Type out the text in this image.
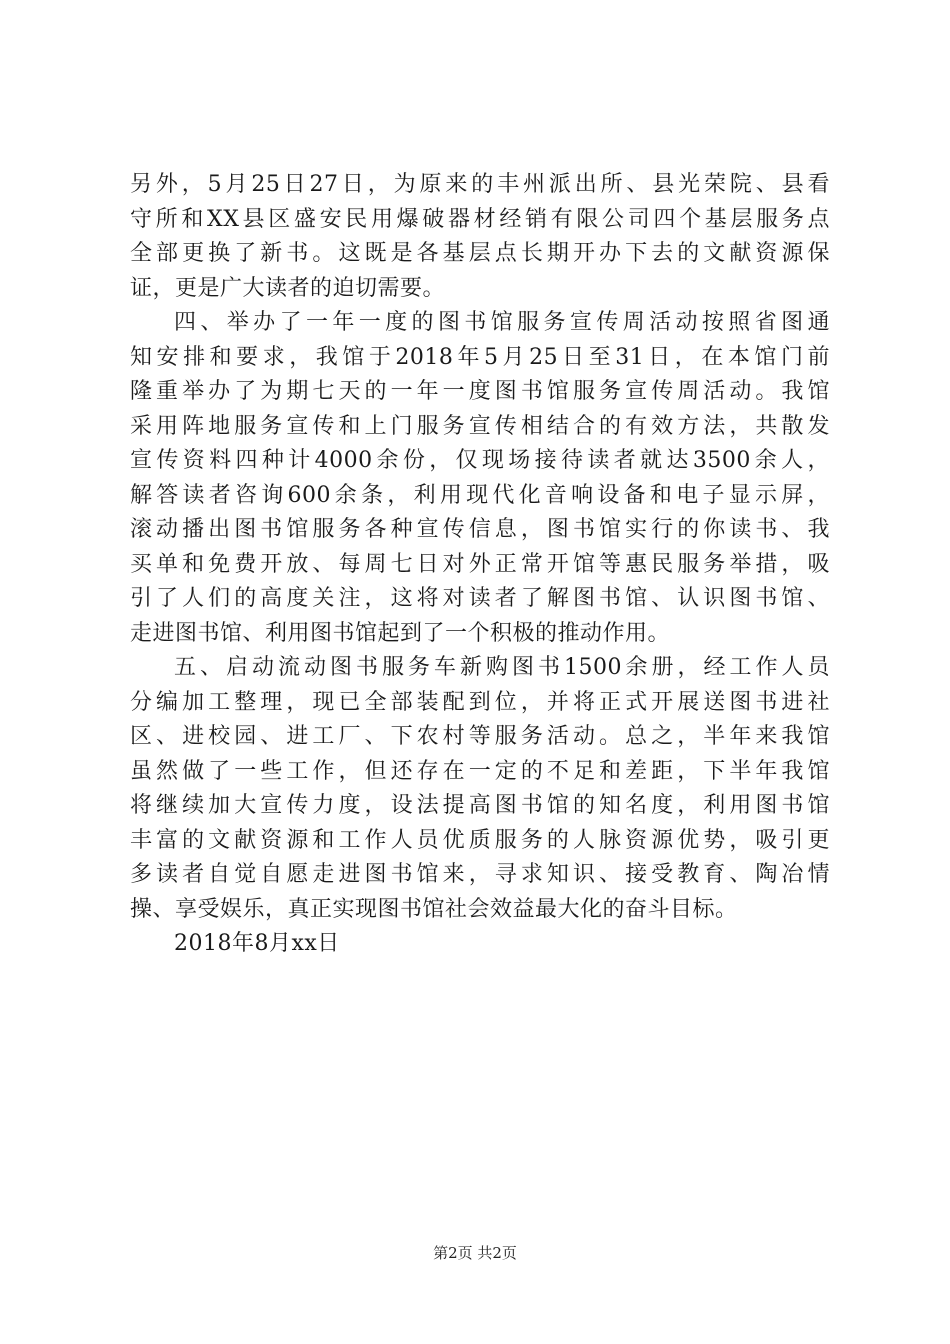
另外，5月25日27日，为原来的丰州派出所、县光荣院、县看
守所和XX县区盛安民用爆破器材经销有限公司四个基层服务点
全部更换了新书。这既是各基层点长期开办下去的文献资源保
证，更是广大读者的迫切需要。
四、举办了一年一度的图书馆服务宣传周活动按照省图通
知安排和要求，我馆于2018年5月25日至31日，在本馆门前
隆重举办了为期七天的一年一度图书馆服务宣传周活动。我馆
采用阵地服务宣传和上门服务宣传相结合的有效方法，共散发
宣传资料四种计4000余份，仅现场接待读者就达3500余人，
解答读者咨询600余条，利用现代化音响设备和电子显示屏，
滚动播出图书馆服务各种宣传信息，图书馆实行的你读书、我
买单和免费开放、每周七日对外正常开馆等惠民服务举措，吸
引了人们的高度关注，这将对读者了解图书馆、认识图书馆、
走进图书馆、利用图书馆起到了一个积极的推动作用。
五、启动流动图书服务车新购图书1500余册，经工作人员
分编加工整理，现已全部装配到位，并将正式开展送图书进社
区、进校园、进工厂、下农村等服务活动。总之，半年来我馆
虽然做了一些工作，但还存在一定的不足和差距，下半年我馆
将继续加大宣传力度，设法提高图书馆的知名度，利用图书馆
丰富的文献资源和工作人员优质服务的人脉资源优势，吸引更
多读者自觉自愿走进图书馆来，寻求知识、接受教育、陶冶情
操、享受娱乐，真正实现图书馆社会效益最大化的奋斗目标。
2018年8月xx日
第2页 共2页
